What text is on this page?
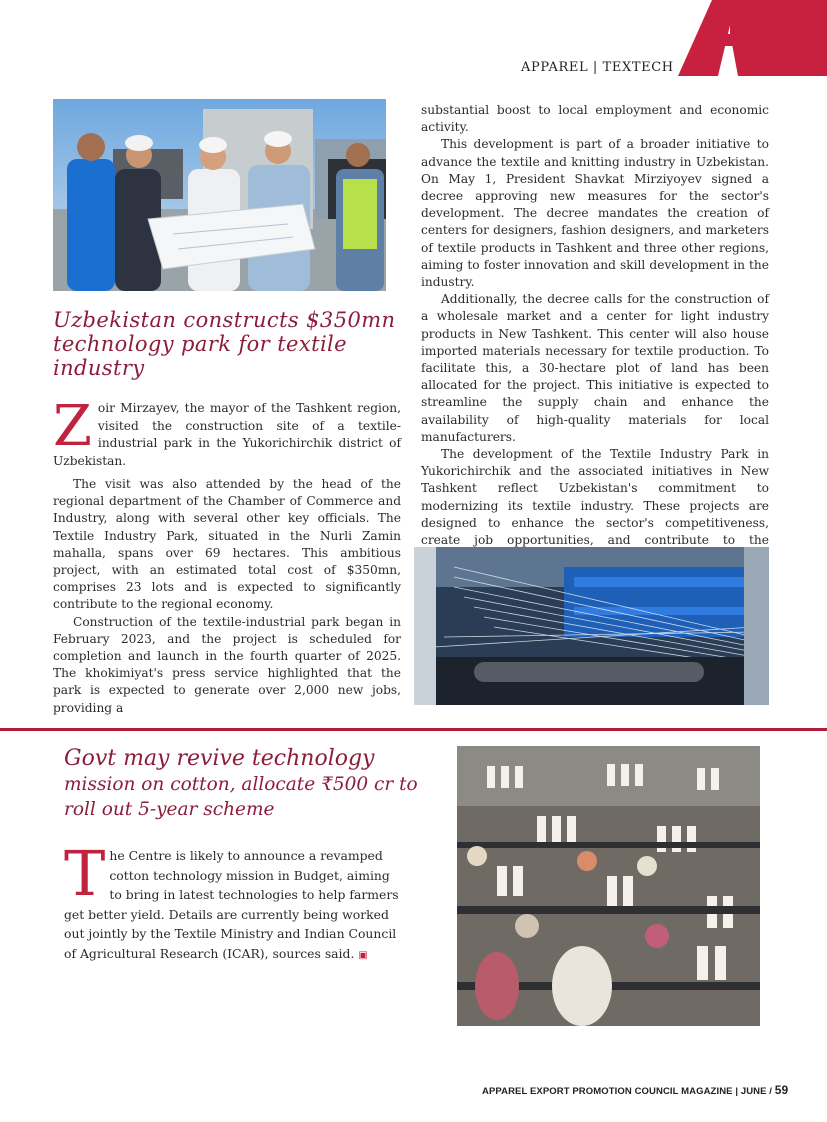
APPAREL | TEXTECH
Uzbekistan constructs $350mn technology park for textile industry
Z oir Mirzayev, the mayor of the Tashkent region, visited the construction site of a textile-industrial park in the Yukorichirchik district of Uzbekistan.

The visit was also attended by the head of the regional department of the Chamber of Commerce and Industry, along with several other key officials. The Textile Industry Park, situated in the Nurli Zamin mahalla, spans over 69 hectares. This ambitious project, with an estimated total cost of $350mn, comprises 23 lots and is expected to significantly contribute to the regional economy.

Construction of the textile-industrial park began in February 2023, and the project is scheduled for completion and launch in the fourth quarter of 2025. The khokimiyat's press service highlighted that the park is expected to generate over 2,000 new jobs, providing a

substantial boost to local employment and economic activity.

This development is part of a broader initiative to advance the textile and knitting industry in Uzbekistan. On May 1, President Shavkat Mirziyoyev signed a decree approving new measures for the sector's development. The decree mandates the creation of centers for designers, fashion designers, and marketers of textile products in Tashkent and three other regions, aiming to foster innovation and skill development in the industry.

Additionally, the decree calls for the construction of a wholesale market and a center for light industry products in New Tashkent. This center will also house imported materials necessary for textile production. To facilitate this, a 30-hectare plot of land has been allocated for the project. This initiative is expected to streamline the supply chain and enhance the availability of high-quality materials for local manufacturers.

The development of the Textile Industry Park in Yukorichirchik and the associated initiatives in New Tashkent reflect Uzbekistan's commitment to modernizing its textile industry. These projects are designed to enhance the sector's competitiveness, create job opportunities, and contribute to the

Govt may revive technology
mission on cotton, allocate ₹500 cr to roll out 5-year scheme
T he Centre is likely to announce a revamped cotton technology mission in Budget, aiming to bring in latest technologies to help farmers get better yield. Details are currently being worked out jointly by the Textile Ministry and Indian Council of Agricultural Research (ICAR), sources said. ▣
APPAREL EXPORT PROMOTION COUNCIL MAGAZINE | JUNE / 59
